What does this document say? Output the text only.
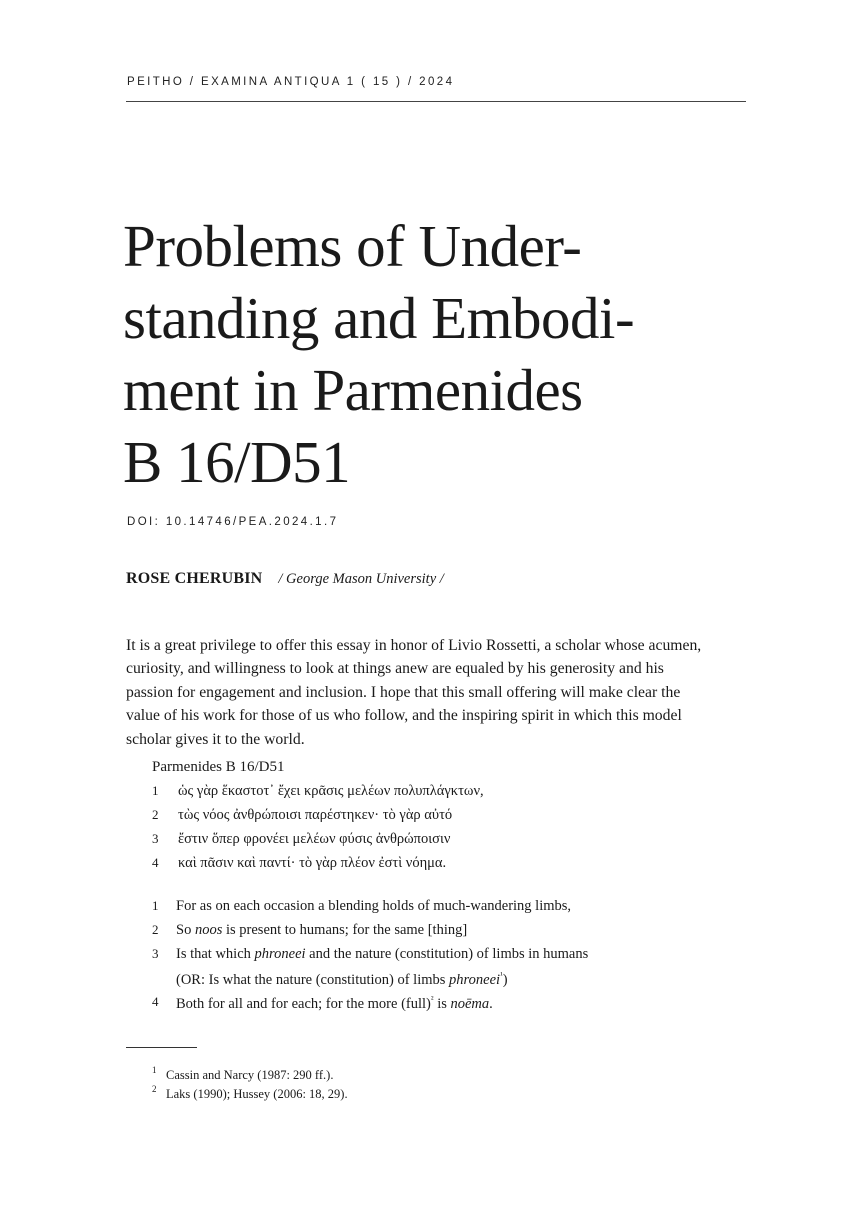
PEITHO / EXAMINA ANTIQUA 1 ( 15 ) / 2024
Problems of Under-
standing and Embodi-
ment in Parmenides
B 16/D51
DOI: 10.14746/PEA.2024.1.7
ROSE CHERUBIN / George Mason University /

It is a great privilege to offer this essay in honor of Livio Rossetti, a scholar whose acumen,
curiosity, and willingness to look at things anew are equaled by his generosity and his
passion for engagement and inclusion. I hope that this small offering will make clear the
value of his work for those of us who follow, and the inspiring spirit in which this model
scholar gives it to the world.

Parmenides B 16/D51
1	ὡς γὰρ ἕκαστοτ᾽ ἔχει κρᾶσις μελέων πολυπλάγκτων,
2	τὼς νόος ἀνθρώποισι παρέστηκεν· τὸ γὰρ αὐτό
3	ἔστιν ὅπερ φρονέει μελέων φύσις ἀνθρώποισιν
4	καὶ πᾶσιν καὶ παντί· τὸ γὰρ πλέον ἐστὶ νόημα.
1 For as on each occasion a blending holds of much-wandering limbs,
2 So noos is present to humans; for the same [thing]
3 Is that which phroneei and the nature (constitution) of limbs in humans
(OR: Is what the nature (constitution) of limbs phroneei$^{^1}$)
4 Both for all and for each; for the more (full)$^{^2}$ is noēma.
1 Cassin and Narcy (1987: 290 ff.).
2 Laks (1990); Hussey (2006: 18, 29).
